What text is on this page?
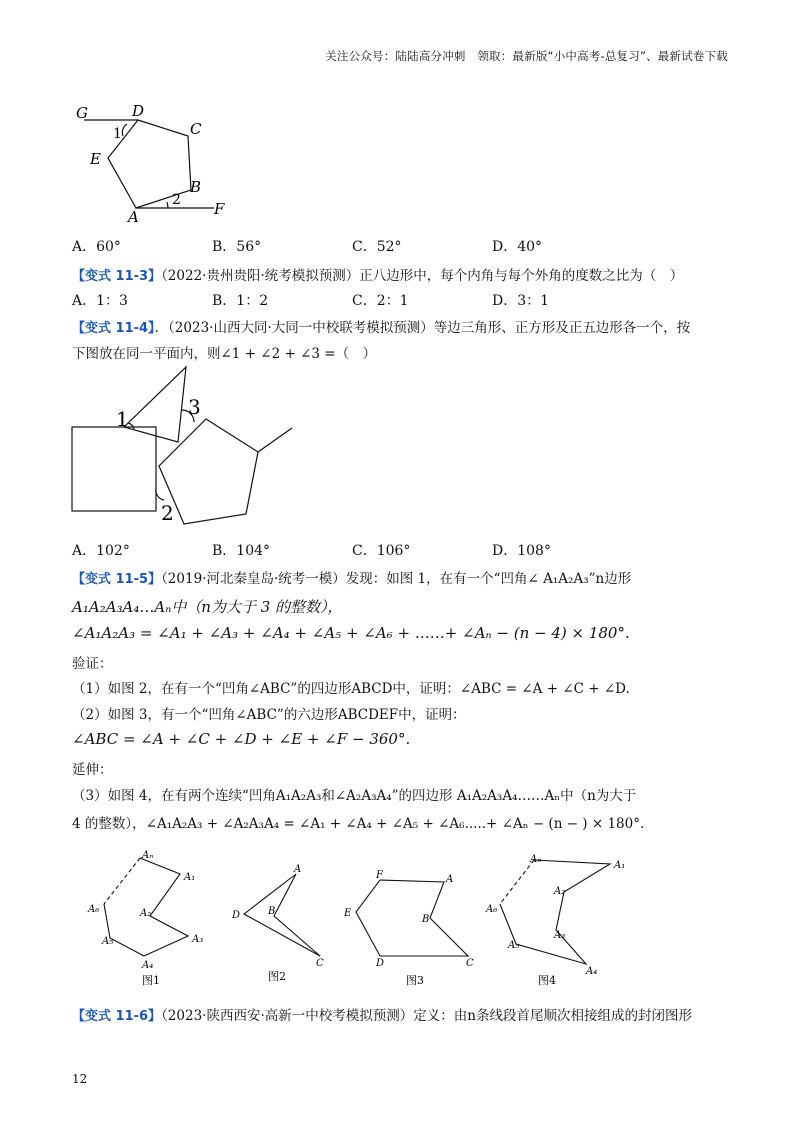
关注公众号：陆陆高分冲刺　领取：最新版“小中高考-总复习”、最新试卷下载
G	D
C
E
B
A	F
1
2
A．60°	B．56°	C．52°	D．40°
【变式 11-3】（2022·贵州贵阳·统考模拟预测）正八边形中，每个内角与每个外角的度数之比为（　）
A．1：3	B．1：2	C．2：1	D．3：1
【变式 11-4】．（2023·山西大同·大同一中校联考模拟预测）等边三角形、正方形及正五边形各一个，按
下图放在同一平面内，则∠1 + ∠2 + ∠3 =（　）
1
2
3
A．102°	B．104°	C．106°	D．108°
【变式 11-5】（2019·河北秦皇岛·统考一模）发现：如图 1，在有一个“凹角∠ A₁A₂A₃”n边形
A₁A₂A₃A₄…Aₙ中（n为大于 3 的整数），
∠A₁A₂A₃ = ∠A₁ + ∠A₃ + ∠A₄ + ∠A₅ + ∠A₆ + ……+ ∠Aₙ − (n − 4) × 180°.
验证：
（1）如图 2，在有一个“凹角∠ABC”的四边形ABCD中，证明：∠ABC = ∠A + ∠C + ∠D.
（2）如图 3，有一个“凹角∠ABC”的六边形ABCDEF中，证明：
∠ABC = ∠A + ∠C + ∠D + ∠E + ∠F − 360°.
延伸：
（3）如图 4，在有两个连续“凹角A₁A₂A₃和∠A₂A₃A₄”的四边形 A₁A₂A₃A₄……Aₙ中（n为大于
4 的整数），∠A₁A₂A₃ + ∠A₂A₃A₄ = ∠A₁ + ∠A₄ + ∠A₅ + ∠A₆.....+ ∠Aₙ − (n − ) × 180°.
Aₙ
A₁
A₂
A₃
A₄
A₅
A₆
A
B
C
D
A
B
C
D
E
F
Aₙ
A₁
A₂
A₃
A₄
A₅
A₆
图1	图2	图3	图4
【变式 11-6】（2023·陕西西安·高新一中校考模拟预测）定义：由n条线段首尾顺次相接组成的封闭图形
12
